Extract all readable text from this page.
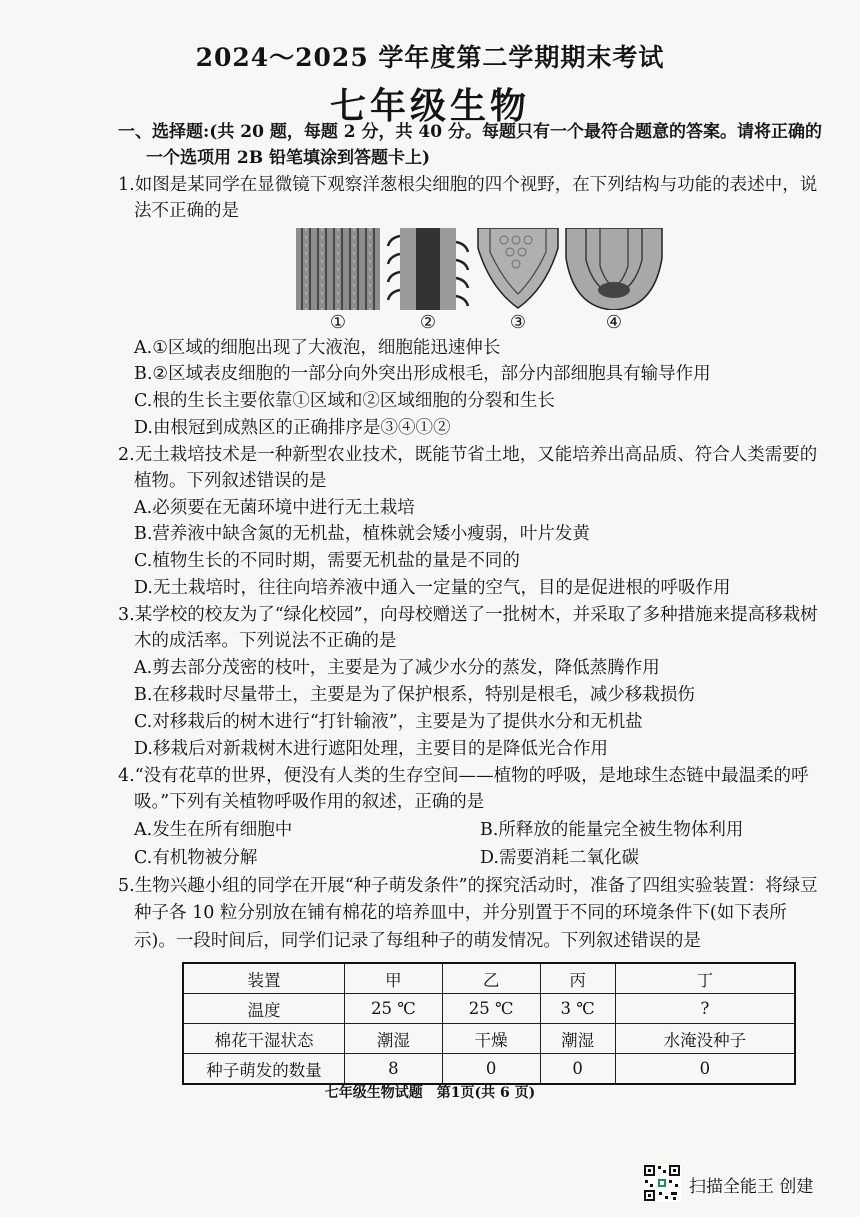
2024～2025 学年度第二学期期末考试
七年级生物
一、选择题:(共 20 题，每题 2 分，共 40 分。每题只有一个最符合题意的答案。请将正确的
一个选项用 2B 铅笔填涂到答题卡上)
1.如图是某同学在显微镜下观察洋葱根尖细胞的四个视野，在下列结构与功能的表述中，说
法不正确的是
①	②	③	④
A.①区域的细胞出现了大液泡，细胞能迅速伸长
B.②区域表皮细胞的一部分向外突出形成根毛，部分内部细胞具有输导作用
C.根的生长主要依靠①区域和②区域细胞的分裂和生长
D.由根冠到成熟区的正确排序是③④①②
2.无土栽培技术是一种新型农业技术，既能节省土地，又能培养出高品质、符合人类需要的
植物。下列叙述错误的是
A.必须要在无菌环境中进行无土栽培
B.营养液中缺含氮的无机盐，植株就会矮小瘦弱，叶片发黄
C.植物生长的不同时期，需要无机盐的量是不同的
D.无土栽培时，往往向培养液中通入一定量的空气，目的是促进根的呼吸作用
3.某学校的校友为了“绿化校园”，向母校赠送了一批树木，并采取了多种措施来提高移栽树
木的成活率。下列说法不正确的是
A.剪去部分茂密的枝叶，主要是为了减少水分的蒸发，降低蒸腾作用
B.在移栽时尽量带土，主要是为了保护根系，特别是根毛，减少移栽损伤
C.对移栽后的树木进行“打针输液”，主要是为了提供水分和无机盐
D.移栽后对新栽树木进行遮阳处理，主要目的是降低光合作用
4.“没有花草的世界，便没有人类的生存空间——植物的呼吸，是地球生态链中最温柔的呼
吸。”下列有关植物呼吸作用的叙述，正确的是
A.发生在所有细胞中	B.所释放的能量完全被生物体利用
C.有机物被分解	D.需要消耗二氧化碳
5.生物兴趣小组的同学在开展“种子萌发条件”的探究活动时，准备了四组实验装置：将绿豆
种子各 10 粒分别放在铺有棉花的培养皿中，并分别置于不同的环境条件下(如下表所
示)。一段时间后，同学们记录了每组种子的萌发情况。下列叙述错误的是
装置	甲	乙	丙	丁
温度	25 ℃	25 ℃	3 ℃	?
棉花干湿状态	潮湿	干燥	潮湿	水淹没种子
种子萌发的数量	8	0	0	0
七年级生物试题　第1页(共 6 页)
扫描全能王 创建
